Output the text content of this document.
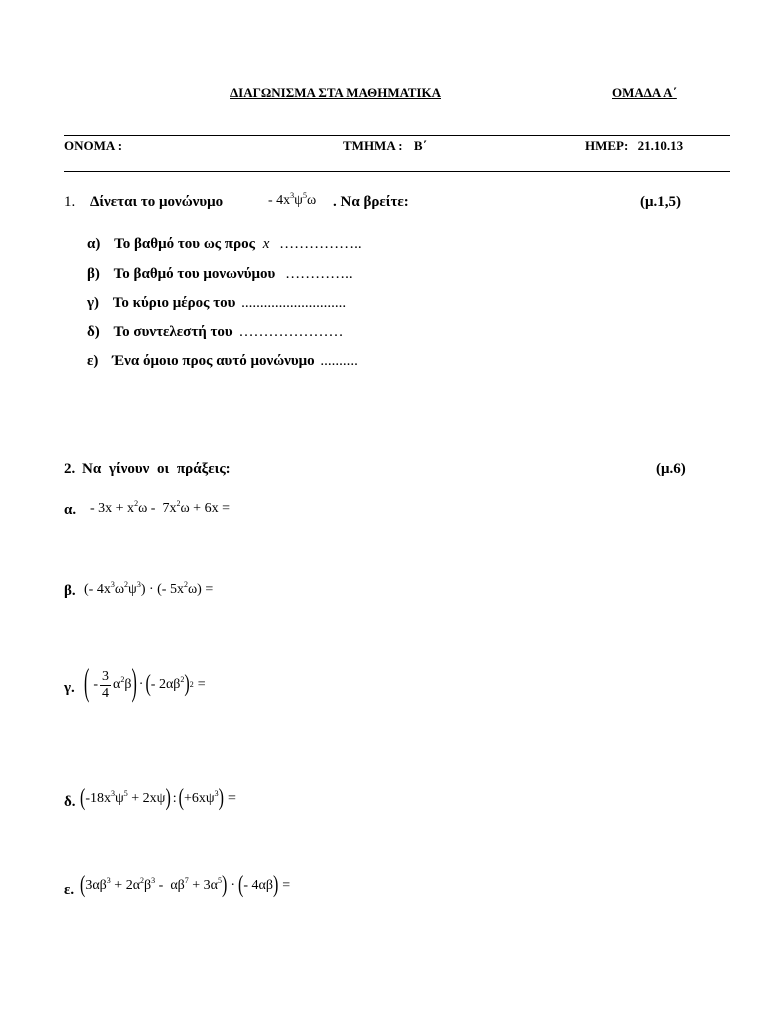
ΔΙΑΓΩΝΙΣΜΑ ΣΤΑ ΜΑΘΗΜΑΤΙΚΑ	ΟΜΑΔΑ Α΄
ΟΝΟΜΑ :	ΤΜΗΜΑ : Β΄	ΗΜΕΡ: 21.10.13
1. Δίνεται το μονώνυμο	- $4x^3\psi^5\omega$ . Να βρείτε:	(μ.1,5)
α) Το βαθμό του ως προς x ……………..
β) Το βαθμό του μονωνύμου …………..
γ) Το κύριο μέρος του ............................
δ) Το συντελεστή του …………………
ε) Ένα όμοιο προς αυτό μονώνυμο ..........
2. Να γίνουν οι πράξεις:	(μ.6)
α. - $3x + x^2\omega - 7x^2\omega + 6x$ =
β. (- $4x^3\omega^2\psi^3$) · (- $5x^2\omega$) =
γ. ( - $\frac{3}{4} \alpha^2\beta$ ) · ( - $2\alpha\beta^2$ ) 2 =
δ. ( $-18x^3\psi^5 + 2x\psi$ ) : ( $+6x\psi^3$ ) =
ε. ( $3\alpha\beta^3 + 2\alpha^2\beta^3 - \alpha\beta^7 + 3\alpha^5$ ) · ( - 4αβ ) =
